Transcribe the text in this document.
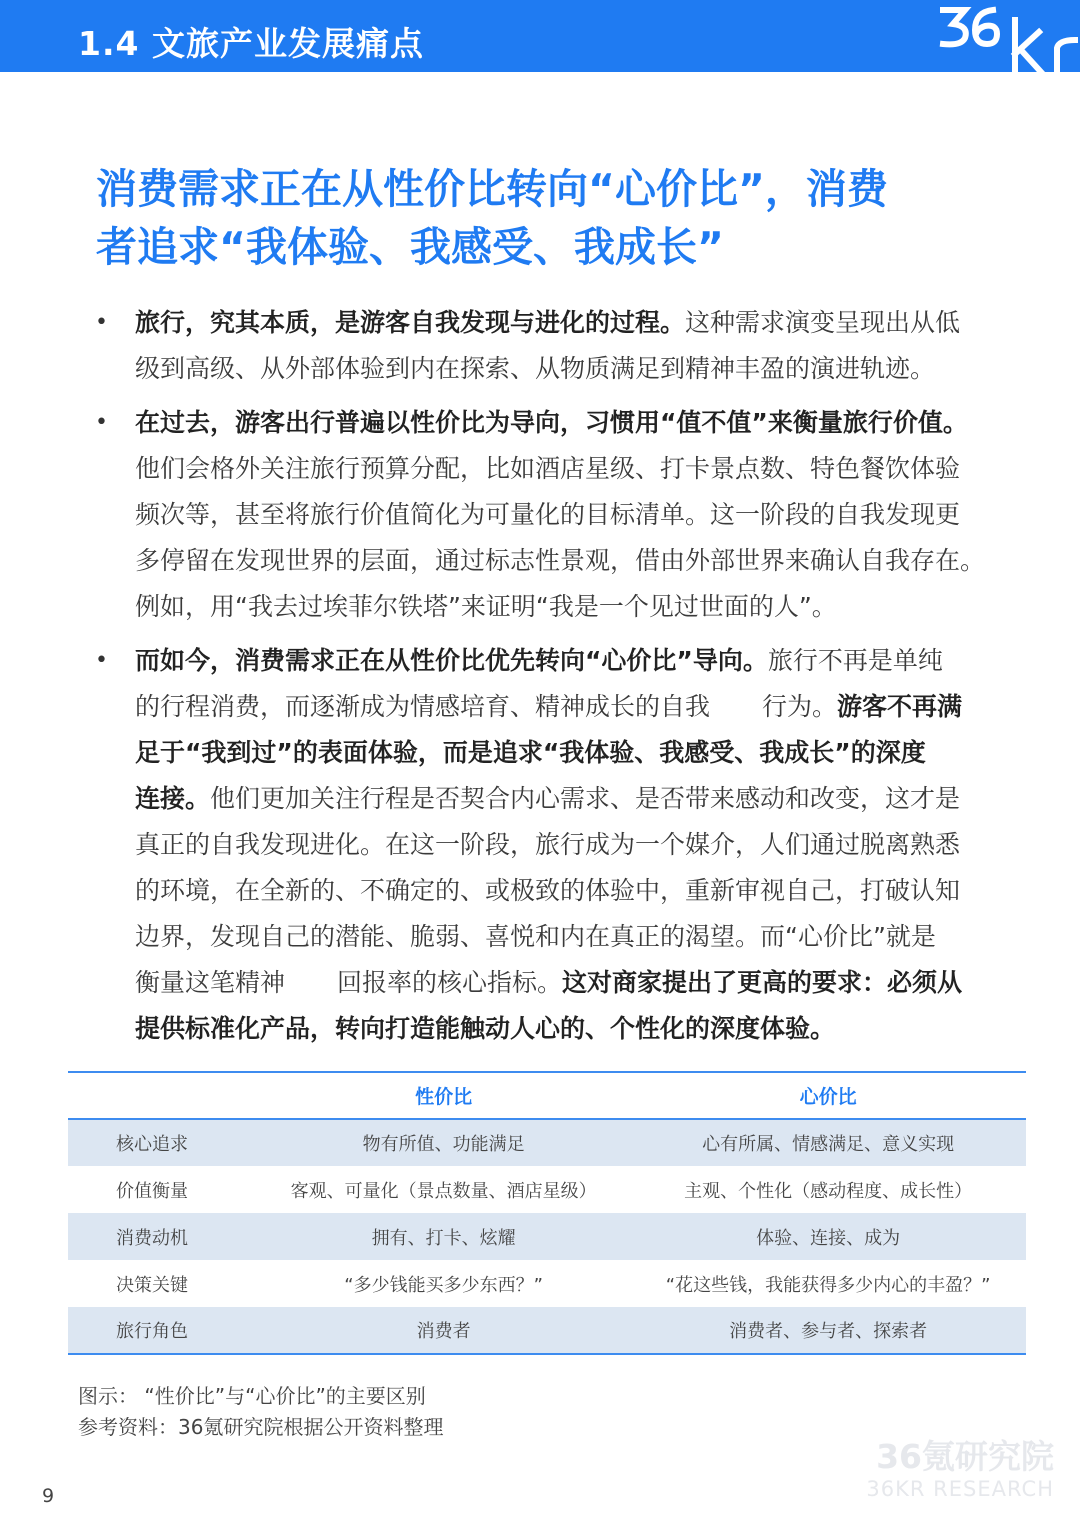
1.4 文旅产业发展痛点
消费需求正在从性价比转向“心价比”，消费
者追求“我体验、我感受、我成长”
• 旅行，究其本质，是游客自我发现与进化的过程。这种需求演变呈现出从低
级到高级、从外部体验到内在探索、从物质满足到精神丰盈的演进轨迹。
• 在过去，游客出行普遍以性价比为导向，习惯用“值不值”来衡量旅行价值。
他们会格外关注旅行预算分配，比如酒店星级、打卡景点数、特色餐饮体验
频次等，甚至将旅行价值简化为可量化的目标清单。这一阶段的自我发现更
多停留在发现世界的层面，通过标志性景观，借由外部世界来确认自我存在。
例如，用“我去过埃菲尔铁塔”来证明“我是一个见过世面的人”。
• 而如今，消费需求正在从性价比优先转向“心价比”导向。旅行不再是单纯
的行程消费，而逐渐成为情感培育、精神成长的自我 行为。游客不再满
足于“我到过”的表面体验，而是追求“我体验、我感受、我成长”的深度
连接。他们更加关注行程是否契合内心需求、是否带来感动和改变，这才是
真正的自我发现进化。在这一阶段，旅行成为一个媒介，人们通过脱离熟悉
的环境，在全新的、不确定的、或极致的体验中，重新审视自己，打破认知
边界，发现自己的潜能、脆弱、喜悦和内在真正的渴望。而“心价比”就是
衡量这笔精神 回报率的核心指标。这对商家提出了更高的要求：必须从
提供标准化产品，转向打造能触动人心的、个性化的深度体验。
	性价比	心价比
核心追求	物有所值、功能满足	心有所属、情感满足、意义实现
价值衡量	客观、可量化（景点数量、酒店星级）	主观、个性化（感动程度、成长性）
消费动机	拥有、打卡、炫耀	体验、连接、成为
决策关键	“多少钱能买多少东西？”	“花这些钱，我能获得多少内心的丰盈？”
旅行角色	消费者	消费者、参与者、探索者
图示： “性价比”与“心价比”的主要区别
参考资料：36氪研究院根据公开资料整理
9
36氪研究院
36KR RESEARCH
